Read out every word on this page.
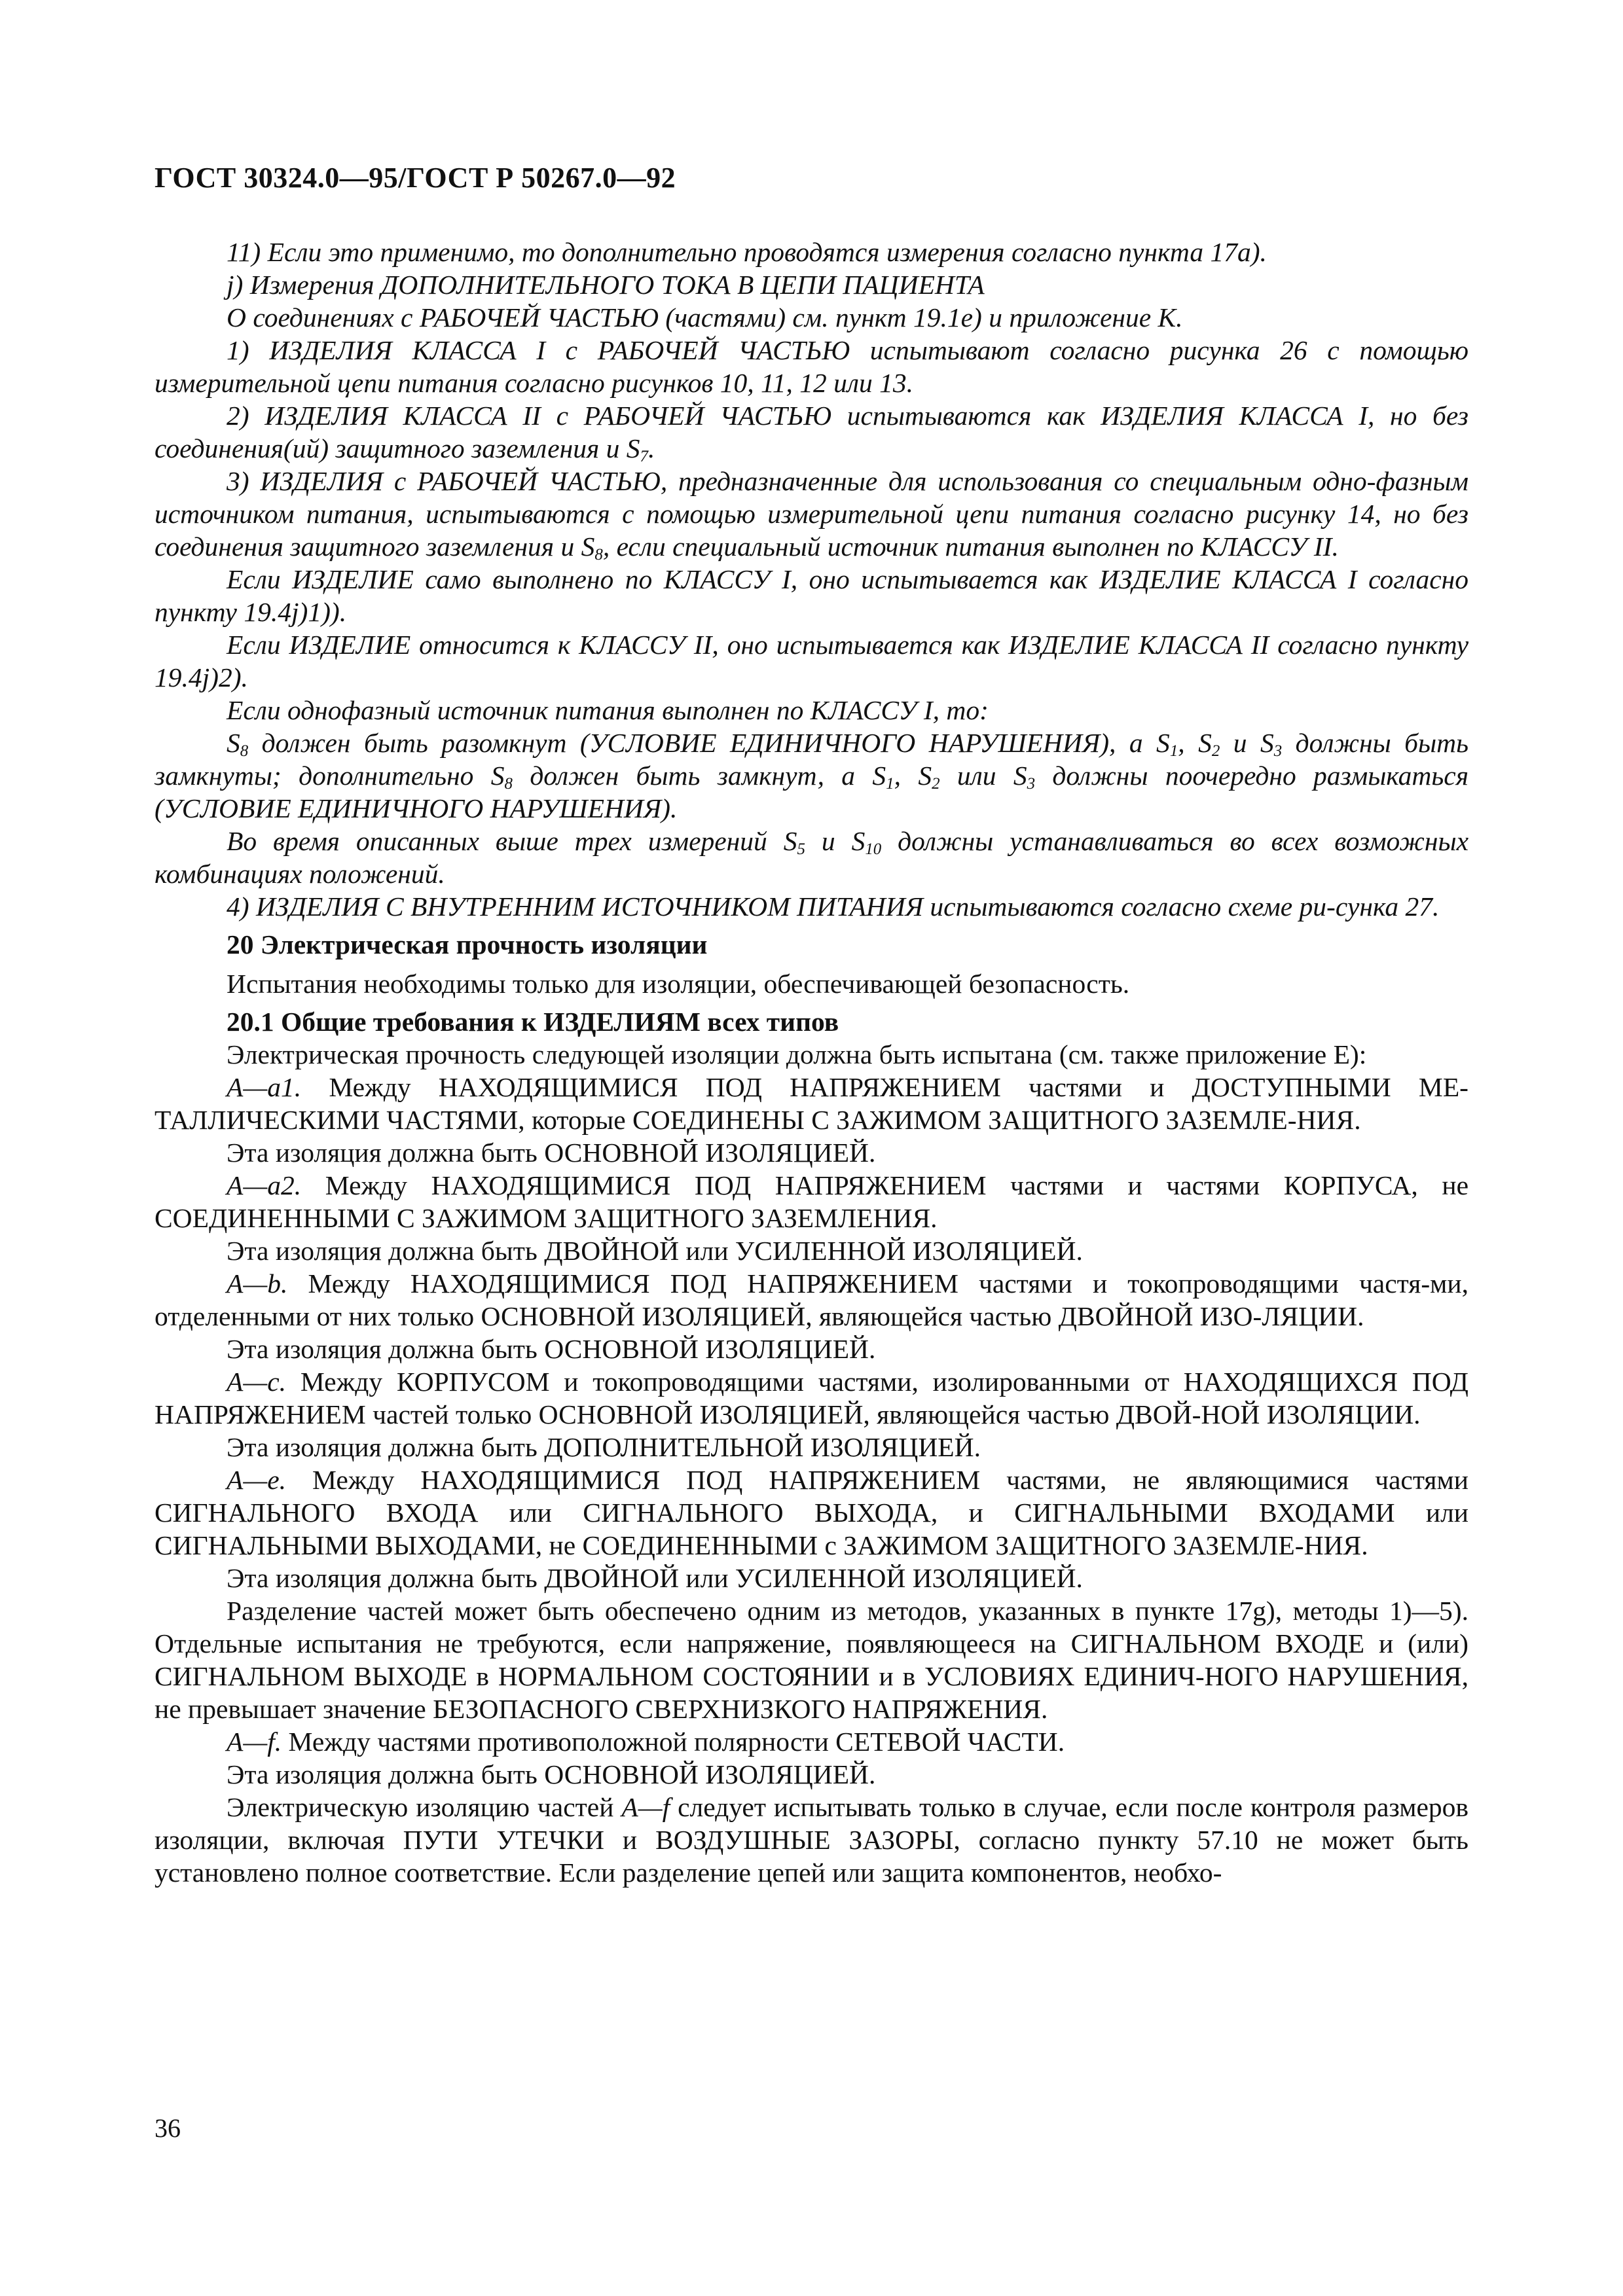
ГОСТ 30324.0—95/ГОСТ Р 50267.0—92

11) Если это применимо, то дополнительно проводятся измерения согласно пункта 17а).

j) Измерения ДОПОЛНИТЕЛЬНОГО ТОКА В ЦЕПИ ПАЦИЕНТА

О соединениях с РАБОЧЕЙ ЧАСТЬЮ (частями) см. пункт 19.1е) и приложение К.

1) ИЗДЕЛИЯ КЛАССА I с РАБОЧЕЙ ЧАСТЬЮ испытывают согласно рисунка 26 с помощью измерительной цепи питания согласно рисунков 10, 11, 12 или 13.

2) ИЗДЕЛИЯ КЛАССА II с РАБОЧЕЙ ЧАСТЬЮ испытываются как ИЗДЕЛИЯ КЛАССА I, но без соединения(ий) защитного заземления и $S_7$.

3) ИЗДЕЛИЯ с РАБОЧЕЙ ЧАСТЬЮ, предназначенные для использования со специальным одно-фазным источником питания, испытываются с помощью измерительной цепи питания согласно рисунку 14, но без соединения защитного заземления и $S_8$, если специальный источник питания выполнен по КЛАССУ II.

Если ИЗДЕЛИЕ само выполнено по КЛАССУ I, оно испытывается как ИЗДЕЛИЕ КЛАССА I согласно пункту 19.4j)1)).

Если ИЗДЕЛИЕ относится к КЛАССУ II, оно испытывается как ИЗДЕЛИЕ КЛАССА II согласно пункту 19.4j)2).

Если однофазный источник питания выполнен по КЛАССУ I, то:

$S_8$ должен быть разомкнут (УСЛОВИЕ ЕДИНИЧНОГО НАРУШЕНИЯ), а $S_1$, $S_2$ и $S_3$ должны быть замкнуты; дополнительно $S_8$ должен быть замкнут, а $S_1$, $S_2$ или $S_3$ должны поочередно размыкаться (УСЛОВИЕ ЕДИНИЧНОГО НАРУШЕНИЯ).

Во время описанных выше трех измерений $S_5$ и $S_{10}$ должны устанавливаться во всех возможных комбинациях положений.

4) ИЗДЕЛИЯ С ВНУТРЕННИМ ИСТОЧНИКОМ ПИТАНИЯ испытываются согласно схеме ри-сунка 27.

20 Электрическая прочность изоляции

Испытания необходимы только для изоляции, обеспечивающей безопасность.

20.1 Общие требования к ИЗДЕЛИЯМ всех типов

Электрическая прочность следующей изоляции должна быть испытана (см. также приложение Е):

А—а1. Между НАХОДЯЩИМИСЯ ПОД НАПРЯЖЕНИЕМ частями и ДОСТУПНЫМИ МЕ-ТАЛЛИЧЕСКИМИ ЧАСТЯМИ, которые СОЕДИНЕНЫ С ЗАЖИМОМ ЗАЩИТНОГО ЗАЗЕМЛЕ-НИЯ.

Эта изоляция должна быть ОСНОВНОЙ ИЗОЛЯЦИЕЙ.

А—а2. Между НАХОДЯЩИМИСЯ ПОД НАПРЯЖЕНИЕМ частями и частями КОРПУСА, не СОЕДИНЕННЫМИ С ЗАЖИМОМ ЗАЩИТНОГО ЗАЗЕМЛЕНИЯ.

Эта изоляция должна быть ДВОЙНОЙ или УСИЛЕННОЙ ИЗОЛЯЦИЕЙ.

А—b. Между НАХОДЯЩИМИСЯ ПОД НАПРЯЖЕНИЕМ частями и токопроводящими частя-ми, отделенными от них только ОСНОВНОЙ ИЗОЛЯЦИЕЙ, являющейся частью ДВОЙНОЙ ИЗО-ЛЯЦИИ.

Эта изоляция должна быть ОСНОВНОЙ ИЗОЛЯЦИЕЙ.

А—с. Между КОРПУСОМ и токопроводящими частями, изолированными от НАХОДЯЩИХСЯ ПОД НАПРЯЖЕНИЕМ частей только ОСНОВНОЙ ИЗОЛЯЦИЕЙ, являющейся частью ДВОЙ-НОЙ ИЗОЛЯЦИИ.

Эта изоляция должна быть ДОПОЛНИТЕЛЬНОЙ ИЗОЛЯЦИЕЙ.

А—е. Между НАХОДЯЩИМИСЯ ПОД НАПРЯЖЕНИЕМ частями, не являющимися частями СИГНАЛЬНОГО ВХОДА или СИГНАЛЬНОГО ВЫХОДА, и СИГНАЛЬНЫМИ ВХОДАМИ или СИГНАЛЬНЫМИ ВЫХОДАМИ, не СОЕДИНЕННЫМИ с ЗАЖИМОМ ЗАЩИТНОГО ЗАЗЕМЛЕ-НИЯ.

Эта изоляция должна быть ДВОЙНОЙ или УСИЛЕННОЙ ИЗОЛЯЦИЕЙ.

Разделение частей может быть обеспечено одним из методов, указанных в пункте 17g), методы 1)—5). Отдельные испытания не требуются, если напряжение, появляющееся на СИГНАЛЬНОМ ВХОДЕ и (или) СИГНАЛЬНОМ ВЫХОДЕ в НОРМАЛЬНОМ СОСТОЯНИИ и в УСЛОВИЯХ ЕДИНИЧ-НОГО НАРУШЕНИЯ, не превышает значение БЕЗОПАСНОГО СВЕРХНИЗКОГО НАПРЯЖЕНИЯ.

А—f. Между частями противоположной полярности СЕТЕВОЙ ЧАСТИ.

Эта изоляция должна быть ОСНОВНОЙ ИЗОЛЯЦИЕЙ.

Электрическую изоляцию частей А—f следует испытывать только в случае, если после контроля размеров изоляции, включая ПУТИ УТЕЧКИ и ВОЗДУШНЫЕ ЗАЗОРЫ, согласно пункту 57.10 не может быть установлено полное соответствие. Если разделение цепей или защита компонентов, необхо-

36
